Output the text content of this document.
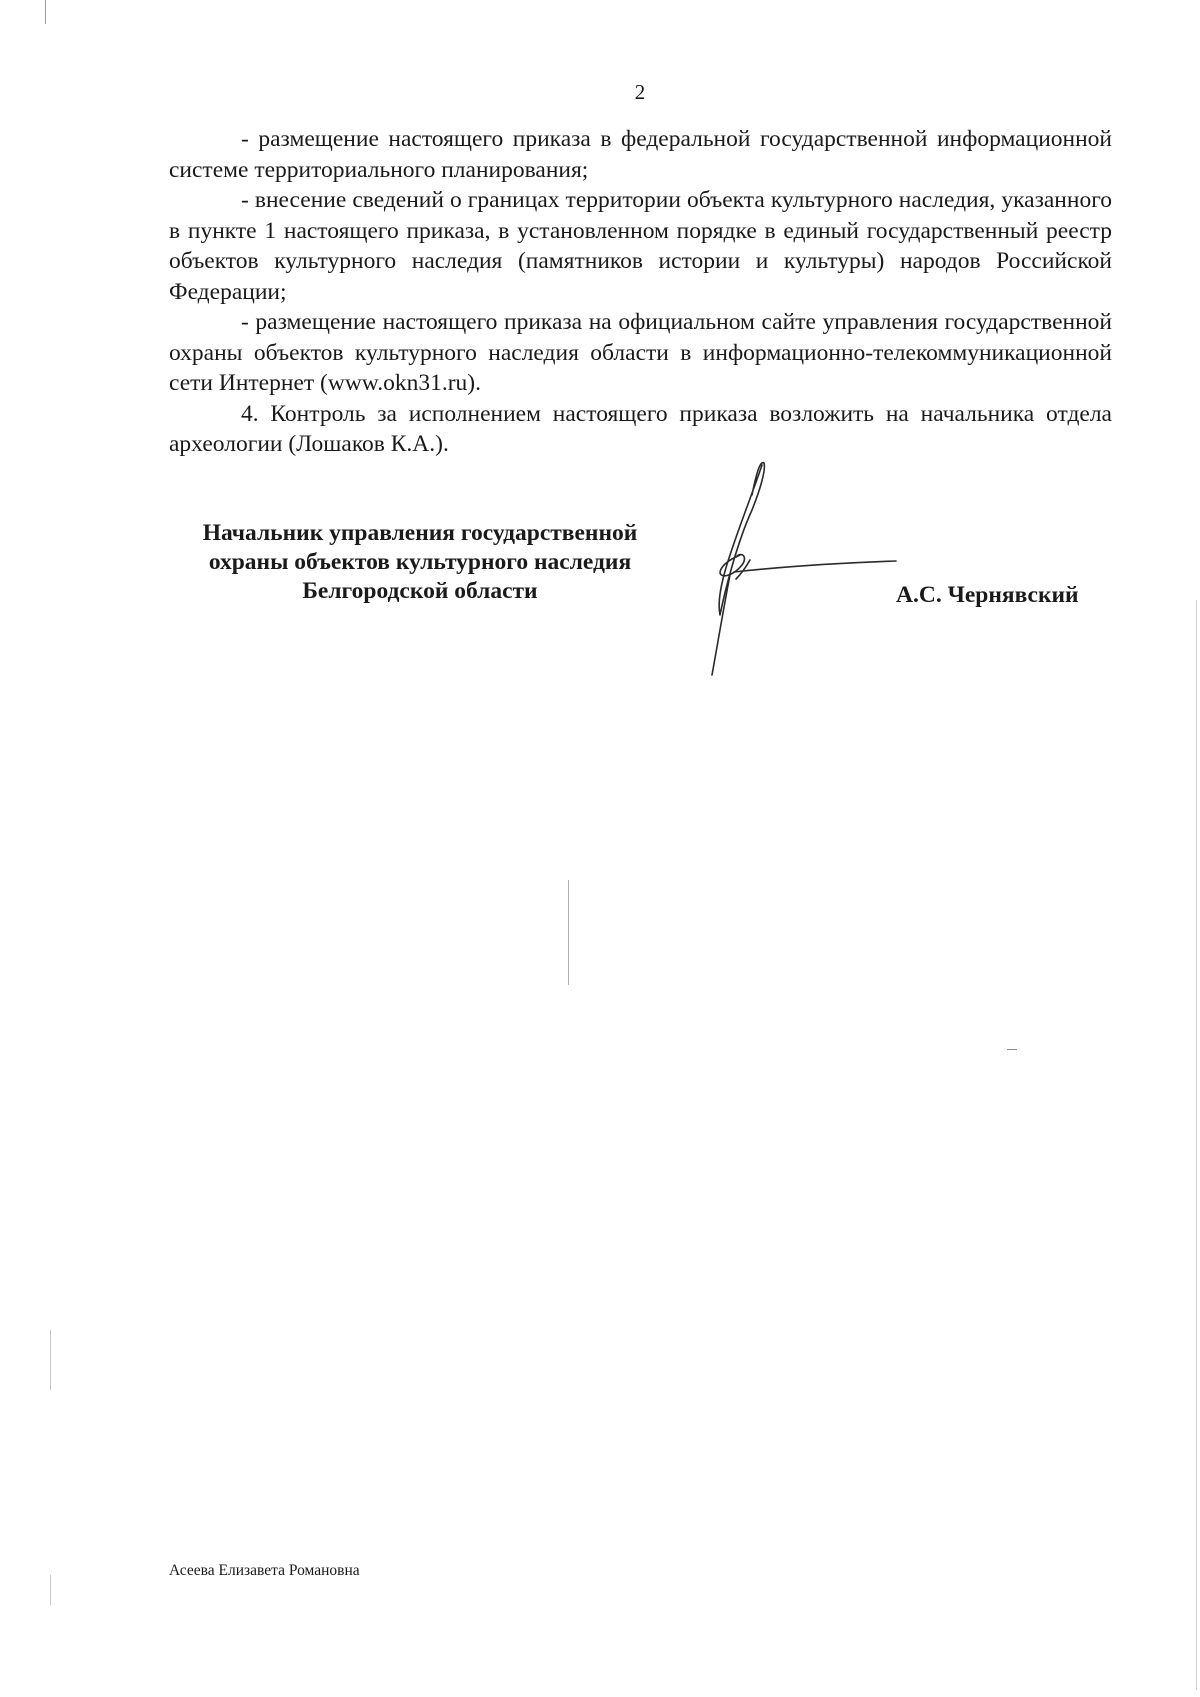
2

- размещение настоящего приказа в федеральной государственной информационной системе территориального планирования;

- внесение сведений о границах территории объекта культурного наследия, указанного в пункте 1 настоящего приказа, в установленном порядке в единый государственный реестр объектов культурного наследия (памятников истории и культуры) народов Российской Федерации;

- размещение настоящего приказа на официальном сайте управления государственной охраны объектов культурного наследия области в информационно-телекоммуникационной сети Интернет (www.okn31.ru).

4. Контроль за исполнением настоящего приказа возложить на начальника отдела археологии (Лошаков К.А.).

Начальник управления государственной
охраны объектов культурного наследия
Белгородской области	А.С. Чернявский
Асеева Елизавета Романовна
